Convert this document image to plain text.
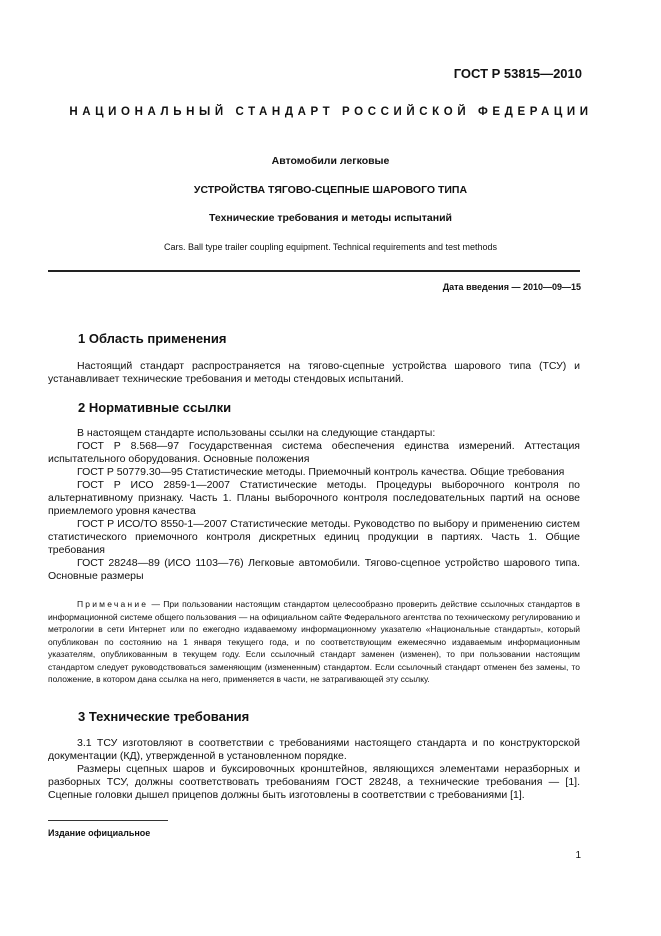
ГОСТ Р 53815—2010
НАЦИОНАЛЬНЫЙ СТАНДАРТ РОССИЙСКОЙ ФЕДЕРАЦИИ
Автомобили легковые
УСТРОЙСТВА ТЯГОВО-СЦЕПНЫЕ ШАРОВОГО ТИПА
Технические требования и методы испытаний
Cars. Ball type trailer coupling equipment. Technical requirements and test methods
Дата введения — 2010—09—15
1 Область применения

Настоящий стандарт распространяется на тягово-сцепные устройства шарового типа (ТСУ) и устанавливает технические требования и методы стендовых испытаний.

2 Нормативные ссылки

В настоящем стандарте использованы ссылки на следующие стандарты:

ГОСТ Р 8.568—97 Государственная система обеспечения единства измерений. Аттестация испытательного оборудования. Основные положения

ГОСТ Р 50779.30—95 Статистические методы. Приемочный контроль качества. Общие требования

ГОСТ Р ИСО 2859-1—2007 Статистические методы. Процедуры выборочного контроля по альтернативному признаку. Часть 1. Планы выборочного контроля последовательных партий на основе приемлемого уровня качества

ГОСТ Р ИСО/ТО 8550-1—2007 Статистические методы. Руководство по выбору и применению систем статистического приемочного контроля дискретных единиц продукции в партиях. Часть 1. Общие требования

ГОСТ 28248—89 (ИСО 1103—76) Легковые автомобили. Тягово-сцепное устройство шарового типа. Основные размеры

Примечание — При пользовании настоящим стандартом целесообразно проверить действие ссылочных стандартов в информационной системе общего пользования — на официальном сайте Федерального агентства по техническому регулированию и метрологии в сети Интернет или по ежегодно издаваемому информационному указателю «Национальные стандарты», который опубликован по состоянию на 1 января текущего года, и по соответствующим ежемесячно издаваемым информационным указателям, опубликованным в текущем году. Если ссылочный стандарт заменен (изменен), то при пользовании настоящим стандартом следует руководствоваться заменяющим (измененным) стандартом. Если ссылочный стандарт отменен без замены, то положение, в котором дана ссылка на него, применяется в части, не затрагивающей эту ссылку.

3 Технические требования

3.1 ТСУ изготовляют в соответствии с требованиями настоящего стандарта и по конструкторской документации (КД), утвержденной в установленном порядке.

Размеры сцепных шаров и буксировочных кронштейнов, являющихся элементами неразборных и разборных ТСУ, должны соответствовать требованиям ГОСТ 28248, а технические требования — [1]. Сцепные головки дышел прицепов должны быть изготовлены в соответствии с требованиями [1].

Издание официальное
1
